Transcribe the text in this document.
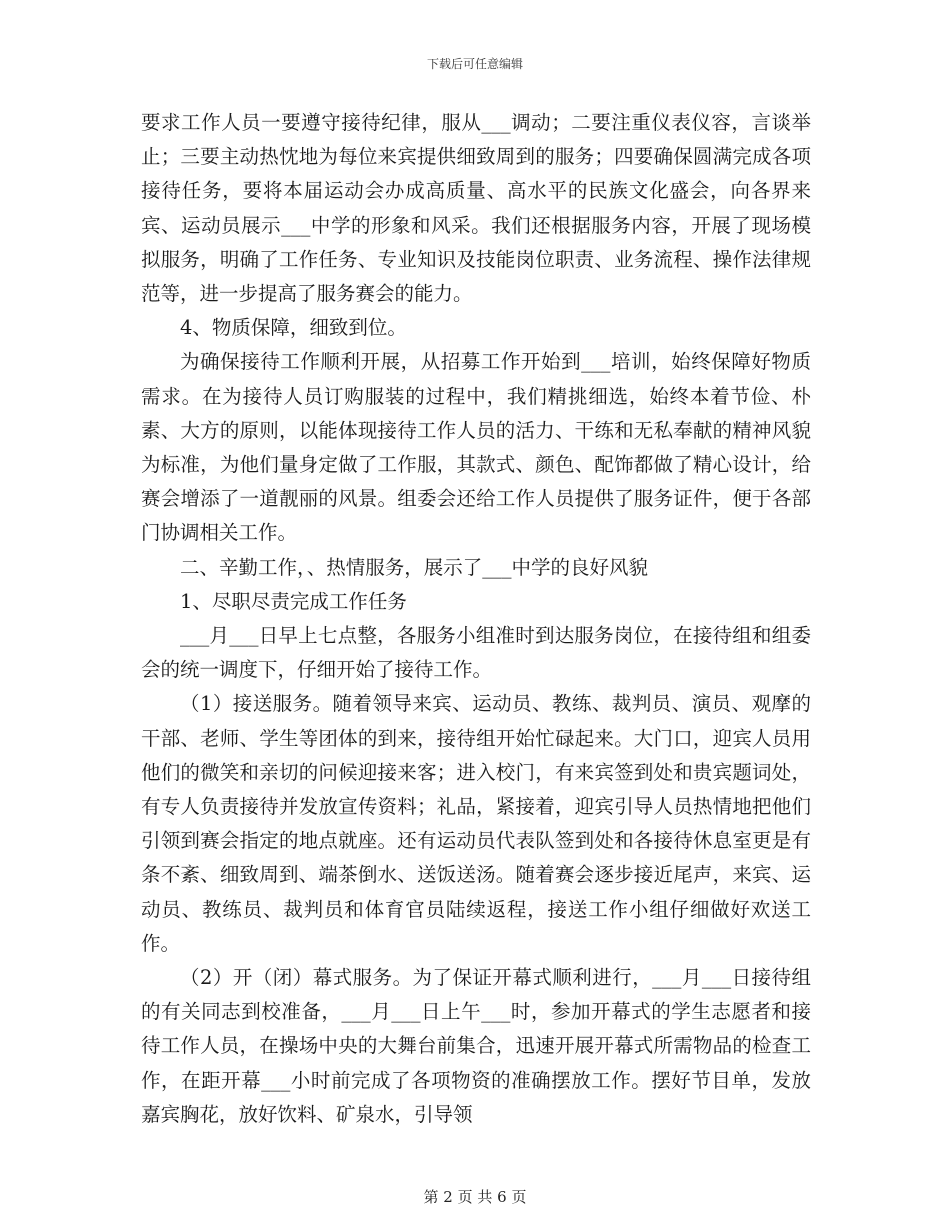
下载后可任意编辑

要求工作人员一要遵守接待纪律，服从___调动；二要注重仪表仪容，言谈举止；三要主动热忱地为每位来宾提供细致周到的服务；四要确保圆满完成各项接待任务，要将本届运动会办成高质量、高水平的民族文化盛会，向各界来宾、运动员展示___中学的形象和风采。我们还根据服务内容，开展了现场模拟服务，明确了工作任务、专业知识及技能岗位职责、业务流程、操作法律规范等，进一步提高了服务赛会的能力。

4、物质保障，细致到位。

为确保接待工作顺利开展，从招募工作开始到___培训，始终保障好物质需求。在为接待人员订购服装的过程中，我们精挑细选，始终本着节俭、朴素、大方的原则，以能体现接待工作人员的活力、干练和无私奉献的精神风貌为标准，为他们量身定做了工作服，其款式、颜色、配饰都做了精心设计，给赛会增添了一道靓丽的风景。组委会还给工作人员提供了服务证件，便于各部门协调相关工作。

二、辛勤工作，、热情服务，展示了___中学的良好风貌

1、尽职尽责完成工作任务

___月___日早上七点整，各服务小组准时到达服务岗位，在接待组和组委会的统一调度下，仔细开始了接待工作。

（1）接送服务。随着领导来宾、运动员、教练、裁判员、演员、观摩的干部、老师、学生等团体的到来，接待组开始忙碌起来。大门口，迎宾人员用他们的微笑和亲切的问候迎接来客；进入校门，有来宾签到处和贵宾题词处，有专人负责接待并发放宣传资料；礼品，紧接着，迎宾引导人员热情地把他们引领到赛会指定的地点就座。还有运动员代表队签到处和各接待休息室更是有条不紊、细致周到、端茶倒水、送饭送汤。随着赛会逐步接近尾声，来宾、运动员、教练员、裁判员和体育官员陆续返程，接送工作小组仔细做好欢送工作。

（2）开（闭）幕式服务。为了保证开幕式顺利进行，___月___日接待组的有关同志到校准备，___月___日上午___时，参加开幕式的学生志愿者和接待工作人员，在操场中央的大舞台前集合，迅速开展开幕式所需物品的检查工作，在距开幕___小时前完成了各项物资的准确摆放工作。摆好节目单，发放嘉宾胸花，放好饮料、矿泉水，引导领

第 2 页 共 6 页
